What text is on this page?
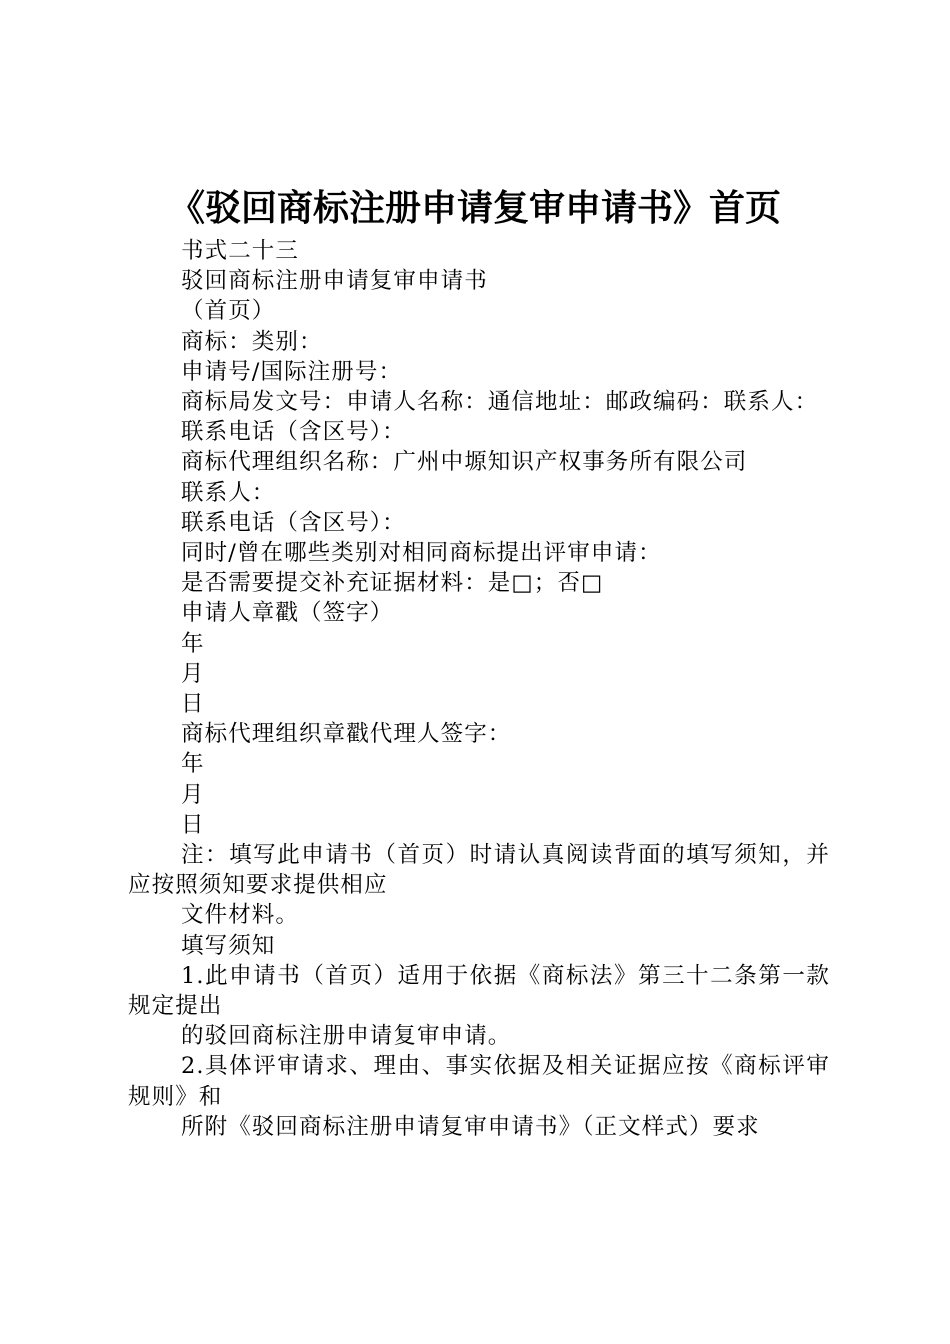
《驳回商标注册申请复审申请书》首页

书式二十三

驳回商标注册申请复审申请书

（首页）

商标：类别：

申请号/国际注册号：

商标局发文号：申请人名称：通信地址：邮政编码：联系人：

联系电话（含区号）：

商标代理组织名称：广州中塬知识产权事务所有限公司

联系人：

联系电话（含区号）：

同时/曾在哪些类别对相同商标提出评审申请：

是否需要提交补充证据材料：是□；否□

申请人章戳（签字）

年

月

日

商标代理组织章戳代理人签字：

年

月

日

注：填写此申请书（首页）时请认真阅读背面的填写须知，并应按照须知要求提供相应

文件材料。

填写须知

1.此申请书（首页）适用于依据《商标法》第三十二条第一款规定提出

的驳回商标注册申请复审申请。

2.具体评审请求、理由、事实依据及相关证据应按《商标评审规则》和

所附《驳回商标注册申请复审申请书》（正文样式）要求
